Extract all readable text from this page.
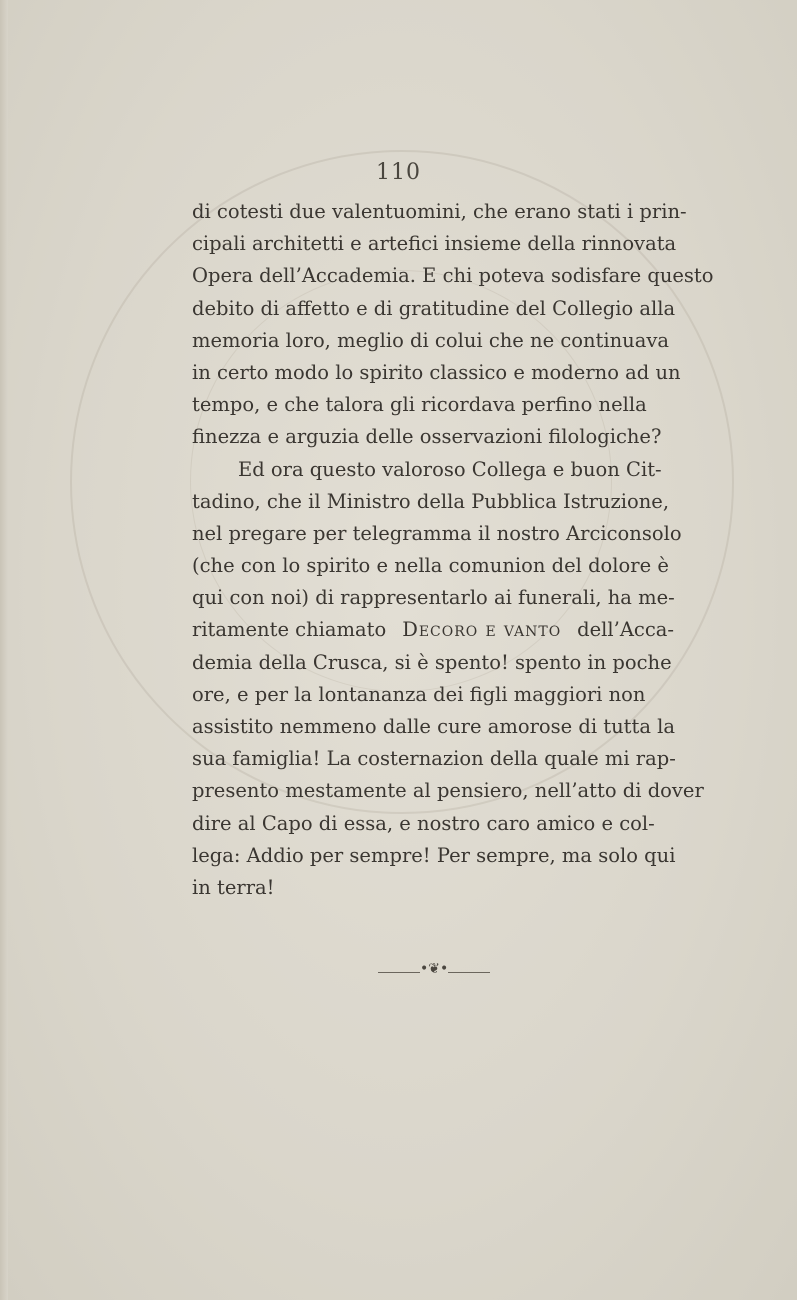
110
di cotesti due valentuomini, che erano stati i prin-
cipali architetti e artefici insieme della rinnovata
Opera dell’Accademia. E chi poteva sodisfare questo
debito di affetto e di gratitudine del Collegio alla
memoria loro, meglio di colui che ne continuava
in certo modo lo spirito classico e moderno ad un
tempo, e che talora gli ricordava perfino nella
finezza e arguzia delle osservazioni filologiche?
Ed ora questo valoroso Collega e buon Cit-
tadino, che il Ministro della Pubblica Istruzione,
nel pregare per telegramma il nostro Arciconsolo
(che con lo spirito e nella comunion del dolore è
qui con noi) di rappresentarlo ai funerali, ha me-
ritamente chiamato Decoro e vanto dell’Acca-
demia della Crusca, si è spento! spento in poche
ore, e per la lontananza dei figli maggiori non
assistito nemmeno dalle cure amorose di tutta la
sua famiglia! La costernazion della quale mi rap-
presento mestamente al pensiero, nell’atto di dover
dire al Capo di essa, e nostro caro amico e col-
lega: Addio per sempre! Per sempre, ma solo qui
in terra!
•❦•
